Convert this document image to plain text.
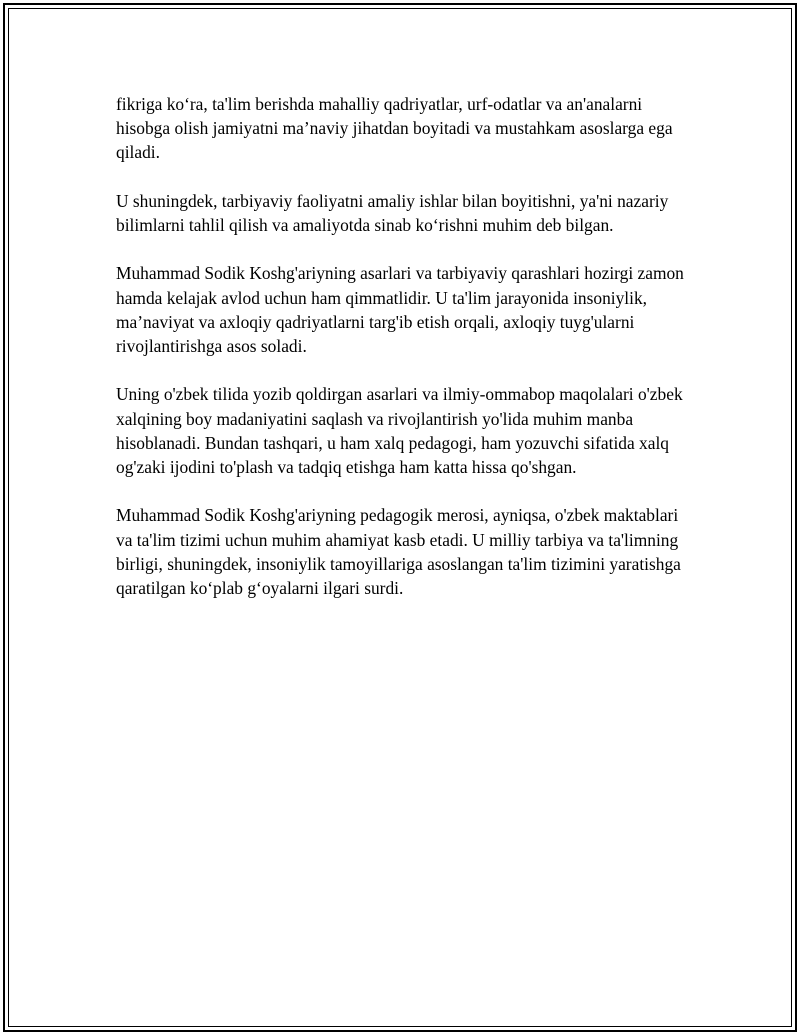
fikriga ko‘ra, ta'lim berishda mahalliy qadriyatlar, urf-odatlar va an'analarni hisobga olish jamiyatni ma’naviy jihatdan boyitadi va mustahkam asoslarga ega qiladi.

U shuningdek, tarbiyaviy faoliyatni amaliy ishlar bilan boyitishni, ya'ni nazariy bilimlarni tahlil qilish va amaliyotda sinab ko‘rishni muhim deb bilgan.

Muhammad Sodik Koshg'ariyning asarlari va tarbiyaviy qarashlari hozirgi zamon hamda kelajak avlod uchun ham qimmatlidir. U ta'lim jarayonida insoniylik, ma’naviyat va axloqiy qadriyatlarni targ'ib etish orqali, axloqiy tuyg'ularni rivojlantirishga asos soladi.

Uning o'zbek tilida yozib qoldirgan asarlari va ilmiy-ommabop maqolalari o'zbek xalqining boy madaniyatini saqlash va rivojlantirish yo'lida muhim manba hisoblanadi. Bundan tashqari, u ham xalq pedagogi, ham yozuvchi sifatida xalq og'zaki ijodini to'plash va tadqiq etishga ham katta hissa qo'shgan.

Muhammad Sodik Koshg'ariyning pedagogik merosi, ayniqsa, o'zbek maktablari va ta'lim tizimi uchun muhim ahamiyat kasb etadi. U milliy tarbiya va ta'limning birligi, shuningdek, insoniylik tamoyillariga asoslangan ta'lim tizimini yaratishga qaratilgan ko‘plab g‘oyalarni ilgari surdi.
